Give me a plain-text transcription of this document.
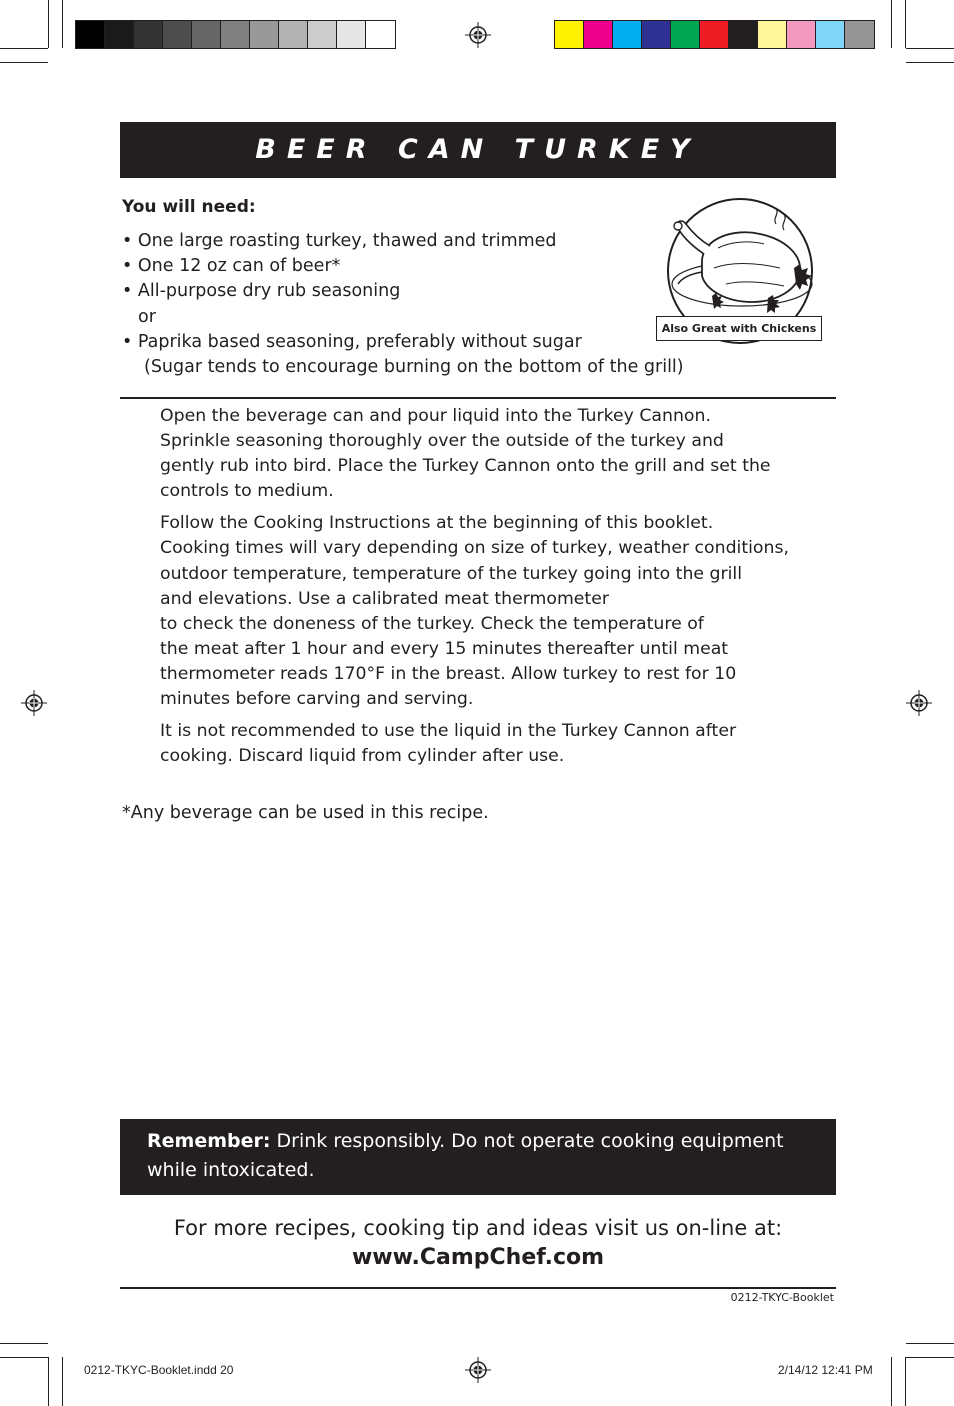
BEER CAN TURKEY
You will need:
• One large roasting turkey, thawed and trimmed
• One 12 oz can of beer*
• All-purpose dry rub seasoning
or
• Paprika based seasoning, preferably without sugar
(Sugar tends to encourage burning on the bottom of the grill)
Also Great with Chickens

Open the beverage can and pour liquid into the Turkey Cannon.
Sprinkle seasoning thoroughly over the outside of the turkey and
gently rub into bird. Place the Turkey Cannon onto the grill and set the
controls to medium.

Follow the Cooking Instructions at the beginning of this booklet.
Cooking times will vary depending on size of turkey, weather conditions,
outdoor temperature, temperature of the turkey going into the grill
and elevations. Use a calibrated meat thermometer
to check the doneness of the turkey. Check the temperature of
the meat after 1 hour and every 15 minutes thereafter until meat
thermometer reads 170°F in the breast. Allow turkey to rest for 10
minutes before carving and serving.

It is not recommended to use the liquid in the Turkey Cannon after
cooking. Discard liquid from cylinder after use.

*Any beverage can be used in this recipe.
Remember: Drink responsibly. Do not operate cooking equipment while intoxicated.
For more recipes, cooking tip and ideas visit us on-line at:
www.CampChef.com
0212-TKYC-Booklet
0212-TKYC-Booklet.indd 20	2/14/12 12:41 PM
